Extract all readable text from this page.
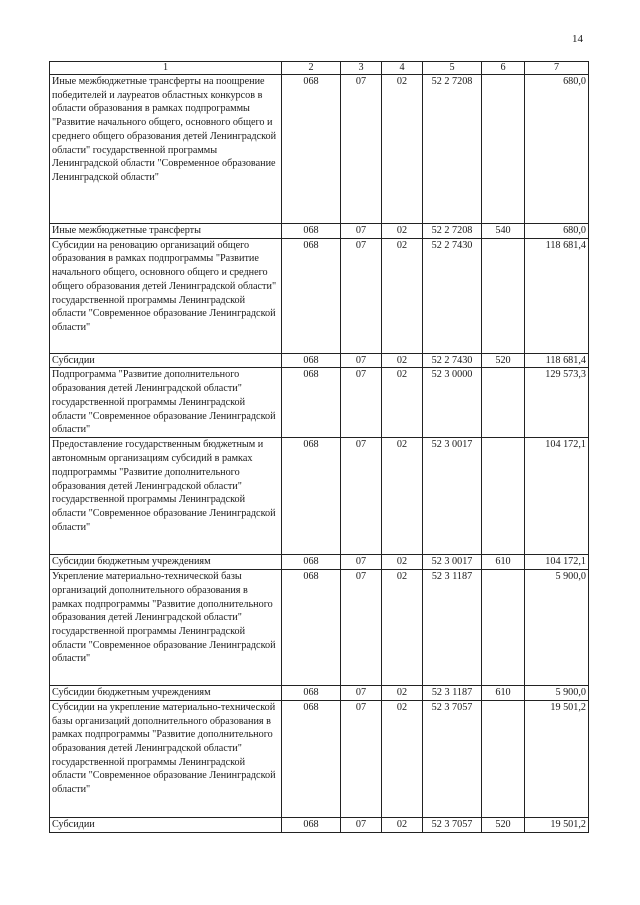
14
1	2	3	4	5	6	7
Иные межбюджетные трансферты на поощрение победителей и лауреатов областных конкурсов в области образования в рамках подпрограммы "Развитие начального общего, основного общего и среднего общего образования детей Ленинградской области" государственной программы Ленинградской области "Современное образование Ленинградской области"	068	07	02	52 2 7208		680,0
Иные межбюджетные трансферты	068	07	02	52 2 7208	540	680,0
Субсидии на реновацию организаций общего образования в рамках подпрограммы "Развитие начального общего, основного общего и среднего общего образования детей Ленинградской области" государственной программы Ленинградской области "Современное образование Ленинградской области"	068	07	02	52 2 7430		118 681,4
Субсидии	068	07	02	52 2 7430	520	118 681,4
Подпрограмма "Развитие дополнительного образования детей Ленинградской области" государственной программы Ленинградской области "Современное образование Ленинградской области"	068	07	02	52 3 0000		129 573,3
Предоставление государственным бюджетным и автономным организациям субсидий в рамках подпрограммы "Развитие дополнительного образования детей Ленинградской области" государственной программы Ленинградской области "Современное образование Ленинградской области"	068	07	02	52 3 0017		104 172,1
Субсидии бюджетным учреждениям	068	07	02	52 3 0017	610	104 172,1
Укрепление материально-технической базы организаций дополнительного образования в рамках подпрограммы "Развитие дополнительного образования детей Ленинградской области" государственной программы Ленинградской области "Современное образование Ленинградской области"	068	07	02	52 3 1187		5 900,0
Субсидии бюджетным учреждениям	068	07	02	52 3 1187	610	5 900,0
Субсидии на укрепление материально-технической базы организаций дополнительного образования в рамках подпрограммы "Развитие дополнительного образования детей Ленинградской области" государственной программы Ленинградской области "Современное образование Ленинградской области"	068	07	02	52 3 7057		19 501,2
Субсидии	068	07	02	52 3 7057	520	19 501,2
